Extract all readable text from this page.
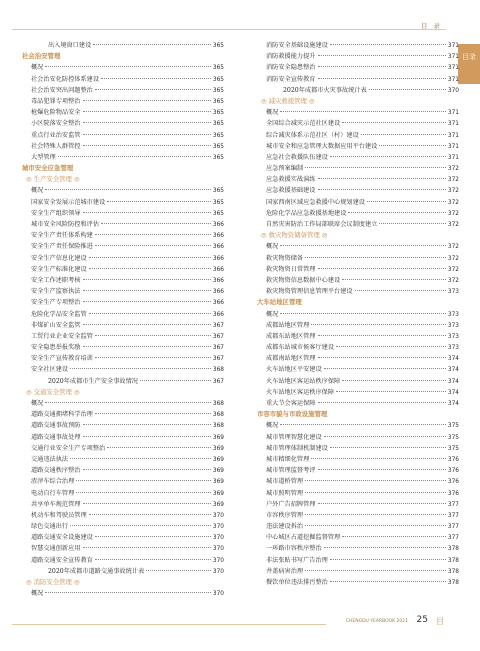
目 录
目录
出入境窗口建设	365
社会治安管理
概况	365
社会治安化防控体系建设	365
社会治安突出问题整治	365
毒品犯罪专项整治	365
枪爆危险物品安全	365
小区院落安全整治	365
重点行业治安监管	365
社会特殊人群管控	365
大型管理	365
城市安全应急管理
◎ 生产安全管理 ◎
概况	365
国家安全发展示范城市建设	365
安全生产组织领导	365
城市安全风险防控和评估	366
安全生产责任体系构建	366
安全生产责任保险推进	366
安全生产信息化建设	366
安全生产标准化建设	366
安全工作述职考核	366
安全生产监察执法	366
安全生产专项整治	366
危险化学品安全监管	366
非煤矿山安全监管	367
工贸行业企业安全监管	367
安全隐患举报奖励	367
安全生产宣传教育培训	367
安全社区建设	368
2020年成都市生产安全事故情况	367
◎ 交通安全管理 ◎
概况	368
道路交通拥堵科学治理	368
道路交通事故预防	368
道路交通事故处理	369
交通行业安全生产专项整治	369
交通违法执法	369
道路交通秩序整治	369
渣滓车综合治理	369
电动自行车管理	369
共享单车规范管理	369
机动车和驾驶员管理	370
绿色交通出行	370
道路交通安全设施建设	370
智慧交通创新应用	370
道路交通安全宣传教育	370
2020年成都市道路交通事故统计表	370
◎ 消防安全管理 ◎
概况	370
消防安全基础设施建设	371
消防救援能力提升	371
消防安全隐患整治	371
消防安全宣传教育	371
2020年成都市火灾事故统计表	370
◎ 减灾救援管理 ◎
概况	371
全国综合减灾示范社区建设	371
综合减灾体系示范社区（村）建设	371
城市安全和应急管理大数据应用平台建设	371
应急社会救援队伍建设	371
应急预案编制	372
应急救援实战演练	372
应急救援基础建设	372
国家西南区域应急救援中心规划建设	372
危险化学品应急救援基地建设	372
自然灾害防治工作局部联席会议制度建立	372
◎ 救灾物资储备管理 ◎
概况	372
救灾物资储备	372
救灾物资日常管理	372
救灾物资信息数据中心建设	372
救灾物资管理信息管理平台建设	373
大车站地区管理
概况	373
成都站地区管理	373
成都东站地区管理	373
成都东站城市候客厅建设	373
成都南站地区管理	374
火车站地区平安建设	374
火车站地区客运站秩序保障	374
火车站地区客运秩序保障	374
重大节会客运保障	374
市容市貌与市政设施管理
概况	375
城市管理智慧化建设	375
城市管理体制机制建设	375
城市精细化管理	376
城市管理监督考评	376
城市道桥管理	376
城市照明管理	376
户外广告招牌管理	377
市容秩序管理	377
违法建设拆治	377
中心城区占道挖掘监督管理	377
一环路市容秩序整治	378
非法张贴书写广告治理	378
井盖病害治理	378
餐饮单位违法排污整治	378
CHENGDU YEARBOOK 2021 25 目
